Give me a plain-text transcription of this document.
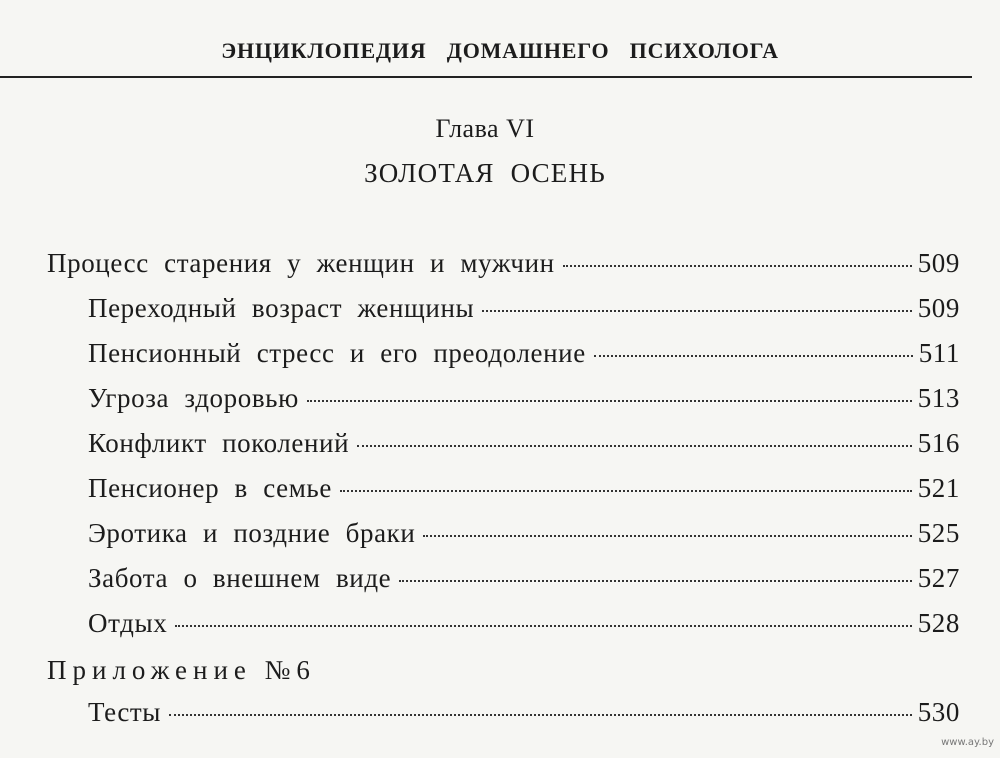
ЭНЦИКЛОПЕДИЯ ДОМАШНЕГО ПСИХОЛОГА
Глава VI
ЗОЛОТАЯ ОСЕНЬ
Процесс старения у женщин и мужчин	509
Переходный возраст женщины	509
Пенсионный стресс и его преодоление	511
Угроза здоровью	513
Конфликт поколений	516
Пенсионер в семье	521
Эротика и поздние браки	525
Забота о внешнем виде	527
Отдых	528
Приложение №6
Тесты	530
www.ay.by
